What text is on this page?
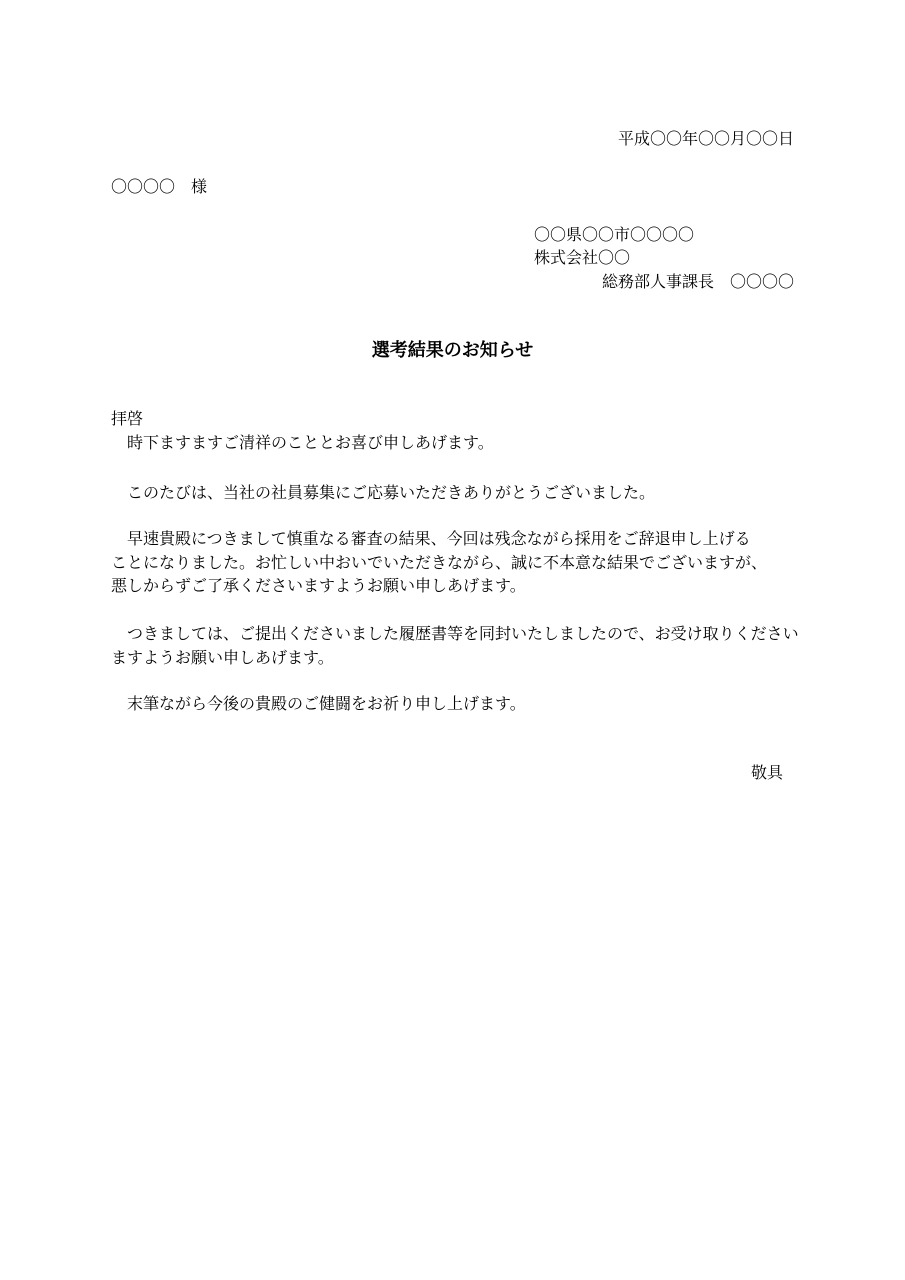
平成〇〇年〇〇月〇〇日
〇〇〇〇　様
〇〇県〇〇市〇〇〇〇
株式会社〇〇
総務部人事課長　〇〇〇〇
選考結果のお知らせ
拝啓
　時下ますますご清祥のこととお喜び申しあげます。
　このたびは、当社の社員募集にご応募いただきありがとうございました。
　早速貴殿につきまして慎重なる審査の結果、今回は残念ながら採用をご辞退申し上げる
ことになりました。お忙しい中おいでいただきながら、誠に不本意な結果でございますが、
悪しからずご了承くださいますようお願い申しあげます。
　つきましては、ご提出くださいました履歴書等を同封いたしましたので、お受け取りください
ますようお願い申しあげます。
　末筆ながら今後の貴殿のご健闘をお祈り申し上げます。
敬具
